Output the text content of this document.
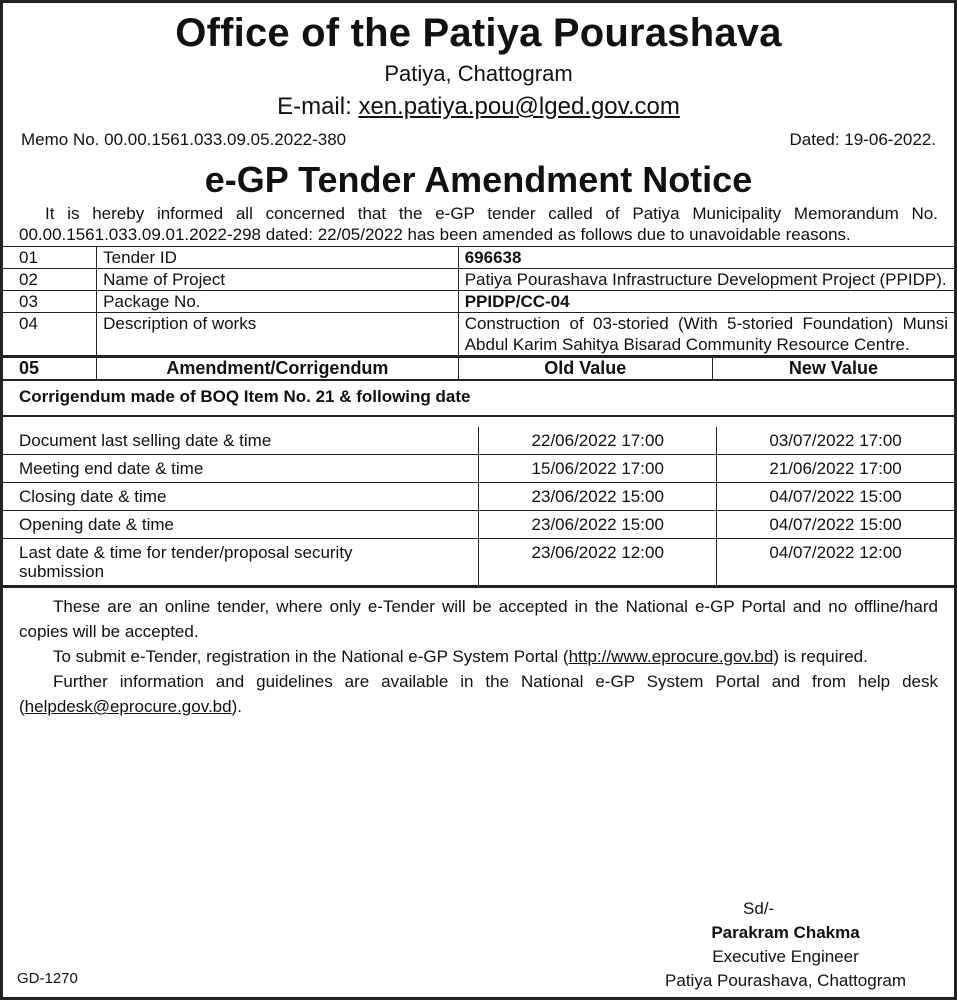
Office of the Patiya Pourashava
Patiya, Chattogram
E-mail: xen.patiya.pou@lged.gov.com
Memo No. 00.00.1561.033.09.05.2022-380	Dated: 19-06-2022.
e-GP Tender Amendment Notice
It is hereby informed all concerned that the e-GP tender called of Patiya Municipality Memorandum No. 00.00.1561.033.09.01.2022-298 dated: 22/05/2022 has been amended as follows due to unavoidable reasons.
01	Tender ID	696638	
02	Name of Project	Patiya Pourashava Infrastructure Development Project (PPIDP).	
03	Package No.	PPIDP/CC-04	
04	Description of works	Construction of 03-storied (With 5-storied Foundation) Munsi Abdul Karim Sahitya Bisarad Community Resource Centre.	
05	Amendment/Corrigendum	Old Value	New Value
Corrigendum made of BOQ Item No. 21 & following date
Document last selling date & time	22/06/2022 17:00	03/07/2022 17:00
Meeting end date & time	15/06/2022 17:00	21/06/2022 17:00
Closing date & time	23/06/2022 15:00	04/07/2022 15:00
Opening date & time	23/06/2022 15:00	04/07/2022 15:00
Last date & time for tender/proposal security submission	23/06/2022 12:00	04/07/2022 12:00

These are an online tender, where only e-Tender will be accepted in the National e-GP Portal and no offline/hard copies will be accepted.

To submit e-Tender, registration in the National e-GP System Portal (http://www.eprocure.gov.bd) is required.

Further information and guidelines are available in the National e-GP System Portal and from help desk (helpdesk@eprocure.gov.bd).

Sd/-
Parakram Chakma
Executive Engineer
Patiya Pourashava, Chattogram
GD-1270
